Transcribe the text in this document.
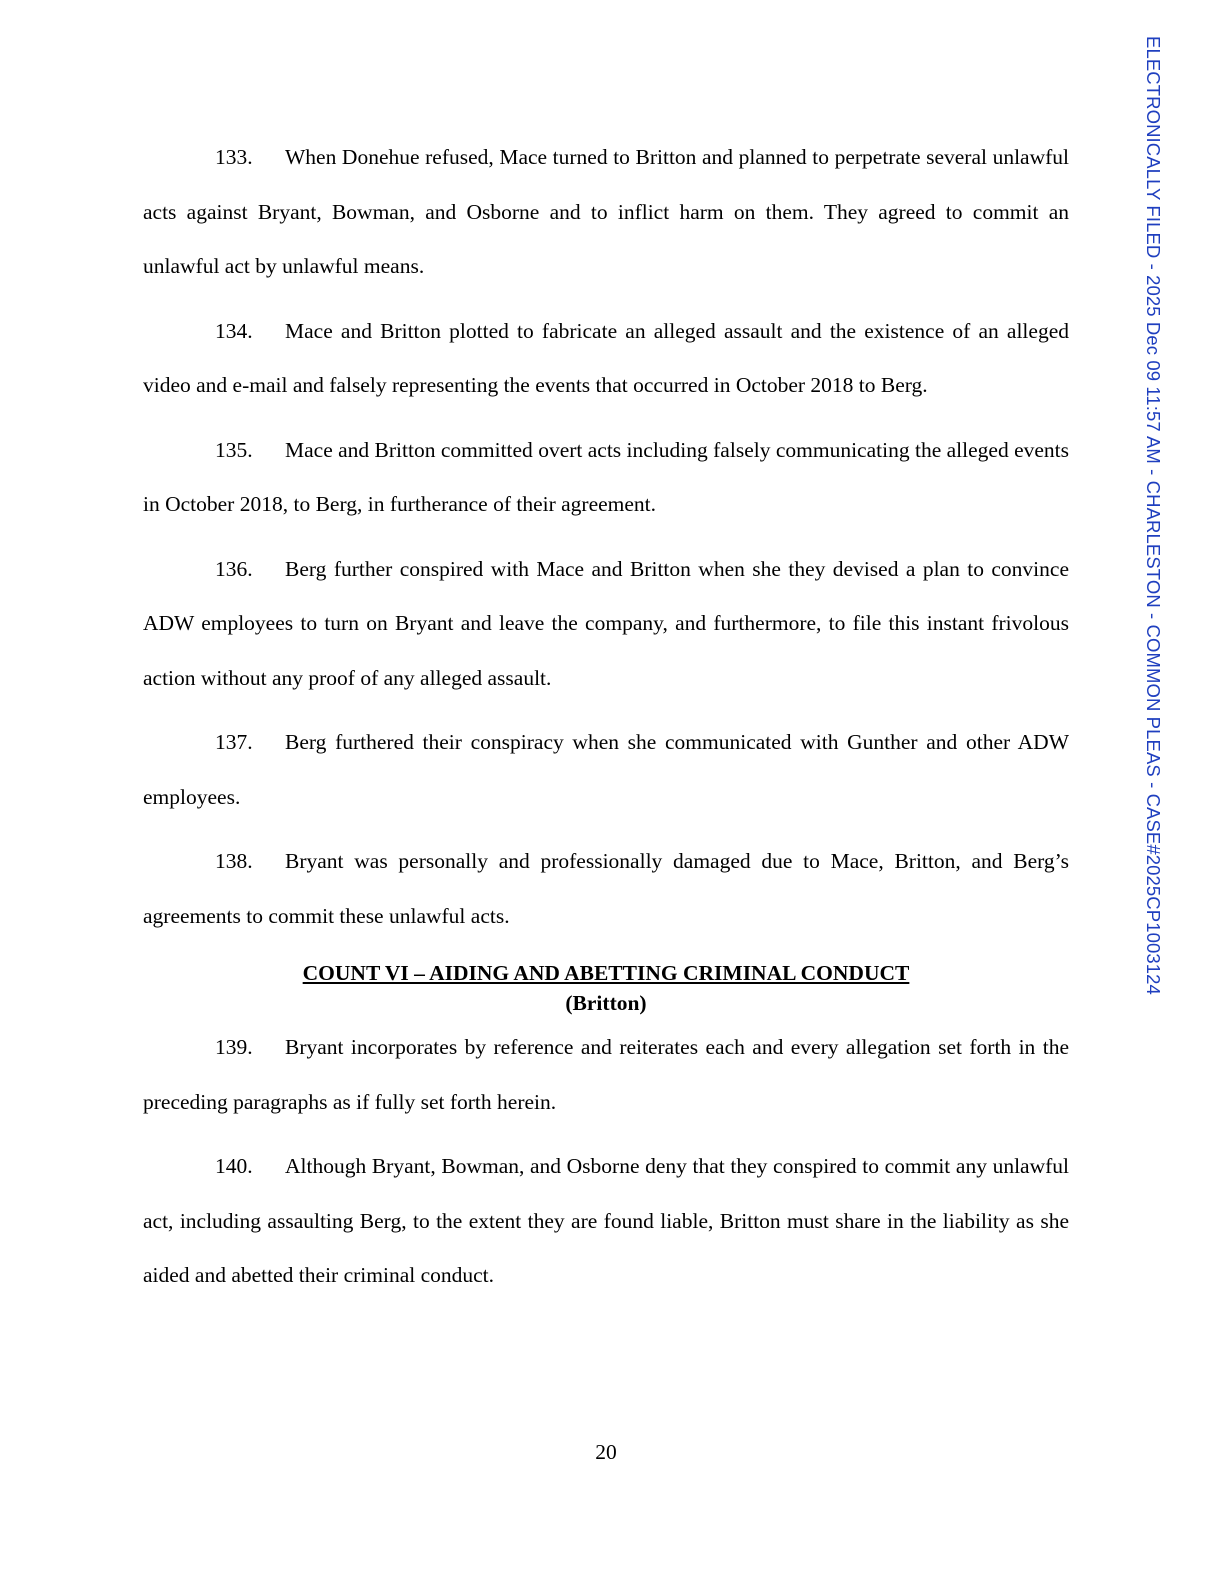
ELECTRONICALLY FILED - 2025 Dec 09 11:57 AM - CHARLESTON - COMMON PLEAS - CASE#2025CP1003124

133. When Donehue refused, Mace turned to Britton and planned to perpetrate several unlawful acts against Bryant, Bowman, and Osborne and to inflict harm on them. They agreed to commit an unlawful act by unlawful means.

134. Mace and Britton plotted to fabricate an alleged assault and the existence of an alleged video and e-mail and falsely representing the events that occurred in October 2018 to Berg.

135. Mace and Britton committed overt acts including falsely communicating the alleged events in October 2018, to Berg, in furtherance of their agreement.

136. Berg further conspired with Mace and Britton when she they devised a plan to convince ADW employees to turn on Bryant and leave the company, and furthermore, to file this instant frivolous action without any proof of any alleged assault.

137. Berg furthered their conspiracy when she communicated with Gunther and other ADW employees.

138. Bryant was personally and professionally damaged due to Mace, Britton, and Berg’s agreements to commit these unlawful acts.

COUNT VI – AIDING AND ABETTING CRIMINAL CONDUCT
(Britton)

139. Bryant incorporates by reference and reiterates each and every allegation set forth in the preceding paragraphs as if fully set forth herein.

140. Although Bryant, Bowman, and Osborne deny that they conspired to commit any unlawful act, including assaulting Berg, to the extent they are found liable, Britton must share in the liability as she aided and abetted their criminal conduct.

20
